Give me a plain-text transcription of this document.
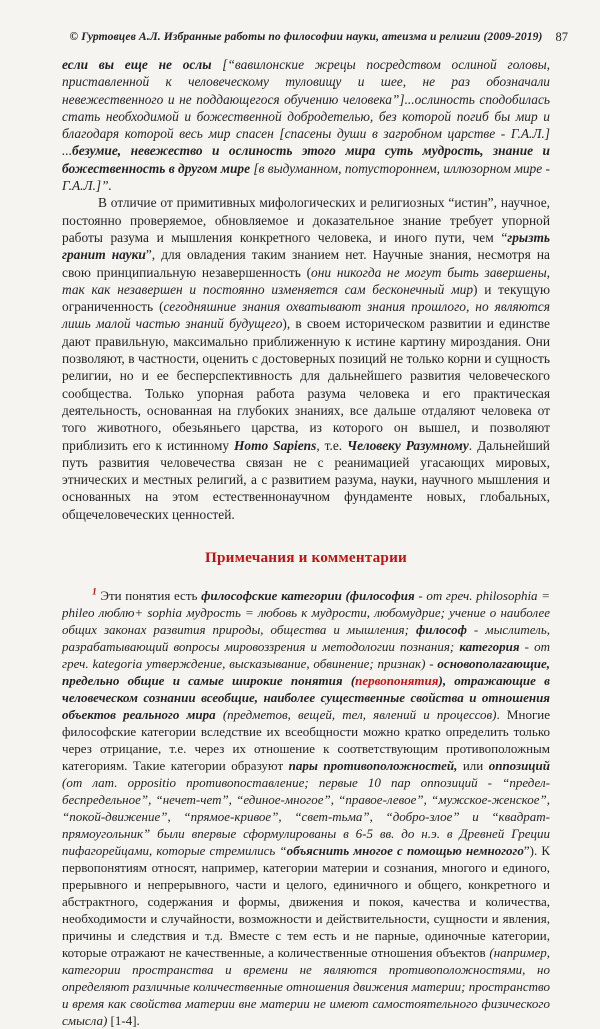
© Гуртовцев А.Л. Избранные работы по философии науки, атеизма и религии (2009-2019) 87

если вы еще не ослы [“вавилонские жрецы посредством ослиной головы, приставленной к человеческому туловищу и шее, не раз обозначали невежественного и не поддающегося обучению человека”]...ослиность сподобилась стать необходимой и божественной добродетелью, без которой погиб бы мир и благодаря которой весь мир спасен [спасены души в загробном царстве - Г.А.Л.] ...безумие, невежество и ослиность этого мира суть мудрость, знание и божественность в другом мире [в выдуманном, потустороннем, иллюзорном мире - Г.А.Л.]”.

В отличие от примитивных мифологических и религиозных “истин”, научное, постоянно проверяемое, обновляемое и доказательное знание требует упорной работы разума и мышления конкретного человека, и иного пути, чем “грызть гранит науки”, для овладения таким знанием нет. Научные знания, несмотря на свою принципиальную незавершенность (они никогда не могут быть завершены, так как незавершен и постоянно изменяется сам бесконечный мир) и текущую ограниченность (сегодняшние знания охватывают знания прошлого, но являются лишь малой частью знаний будущего), в своем историческом развитии и единстве дают правильную, максимально приближенную к истине картину мироздания. Они позволяют, в частности, оценить с достоверных позиций не только корни и сущность религии, но и ее бесперспективность для дальнейшего развития человеческого сообщества. Только упорная работа разума человека и его практическая деятельность, основанная на глубоких знаниях, все дальше отдаляют человека от того животного, обезьяньего царства, из которого он вышел, и позволяют приблизить его к истинному Homo Sapiens, т.е. Человеку Разумному. Дальнейший путь развития человечества связан не с реанимацией угасающих мировых, этнических и местных религий, а с развитием разума, науки, научного мышления и основанных на этом естественнонаучном фундаменте новых, глобальных, общечеловеческих ценностей.

Примечания и комментарии

$^1$ Эти понятия есть философские категории (философия - от греч. philosophia = phileo люблю+ sophia мудрость = любовь к мудрости, любомудрие; учение о наиболее общих законах развития природы, общества и мышления; философ - мыслитель, разрабатывающий вопросы мировоззрения и методологии познания; категория - от греч. kategoria утверждение, высказывание, обвинение; признак) - основополагающие, предельно общие и самые широкие понятия (первопонятия), отражающие в человеческом сознании всеобщие, наиболее существенные свойства и отношения объектов реального мира (предметов, вещей, тел, явлений и процессов). Многие философские категории вследствие их всеобщности можно кратко определить только через отрицание, т.е. через их отношение к соответствующим противоположным категориям. Такие категории образуют пары противоположностей, или оппозиций (от лат. oppositio противопоставление; первые 10 пар оппозиций - “предел-беспредельное”, “нечет-чет”, “единое-многое”, “правое-левое”, “мужское-женское”, “покой-движение”, “прямое-кривое”, “свет-тьма”, “добро-злое” и “квадрат-прямоугольник” были впервые сформулированы в 6-5 вв. до н.э. в Древней Греции пифагорейцами, которые стремились “объяснить многое с помощью немногого”). К первопонятиям относят, например, категории материи и сознания, многого и единого, прерывного и непрерывного, части и целого, единичного и общего, конкретного и абстрактного, содержания и формы, движения и покоя, качества и количества, необходимости и случайности, возможности и действительности, сущности и явления, причины и следствия и т.д. Вместе с тем есть и не парные, одиночные категории, которые отражают не качественные, а количественные отношения объектов (например, категории пространства и времени не являются противоположностями, но определяют различные количественные отношения движения материи; пространство и время как свойства материи вне материи не имеют самостоятельного физического смысла) [1-4].
